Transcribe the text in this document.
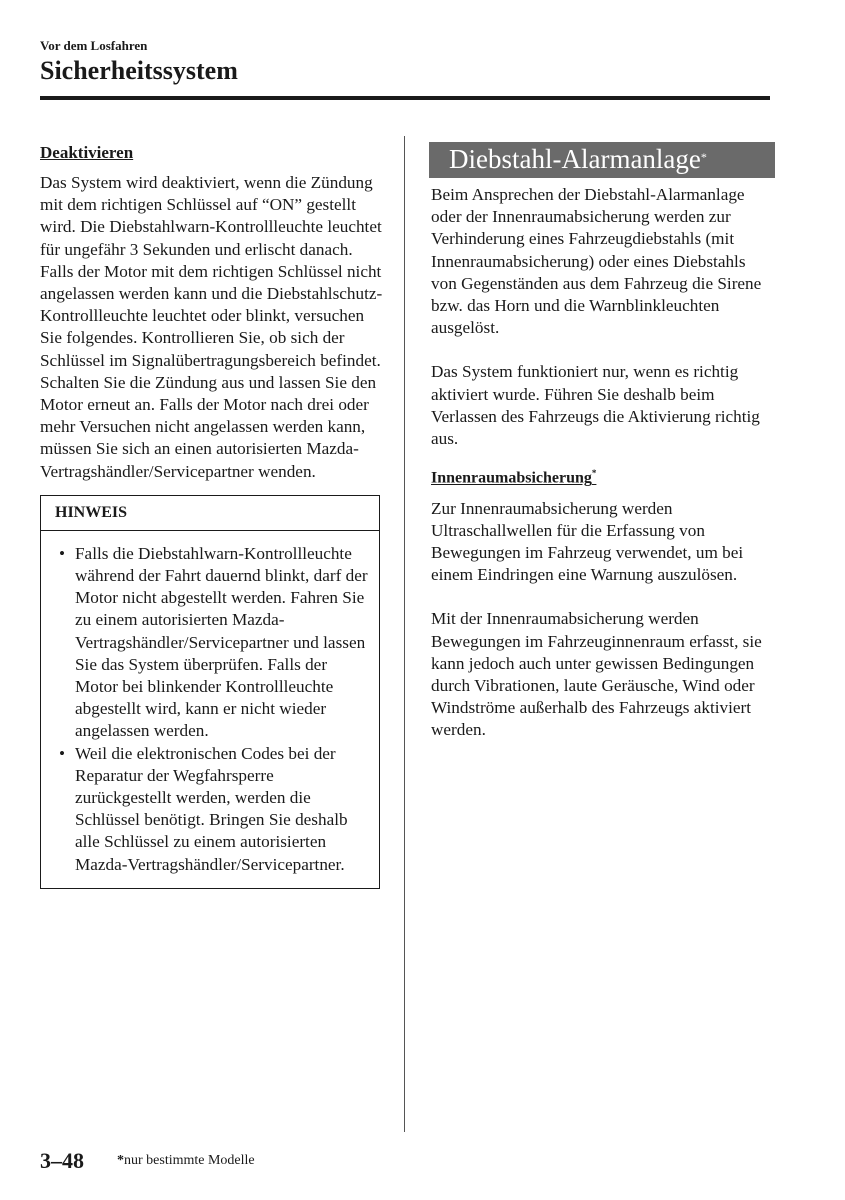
Vor dem Losfahren
Sicherheitssystem
Deaktivieren

Das System wird deaktiviert, wenn die Zündung mit dem richtigen Schlüssel auf “ON” gestellt wird. Die Diebstahlwarn-Kontrollleuchte leuchtet für ungefähr 3 Sekunden und erlischt danach. Falls der Motor mit dem richtigen Schlüssel nicht angelassen werden kann und die Diebstahlschutz-Kontrollleuchte leuchtet oder blinkt, versuchen Sie folgendes. Kontrollieren Sie, ob sich der Schlüssel im Signalübertragungsbereich befindet. Schalten Sie die Zündung aus und lassen Sie den Motor erneut an. Falls der Motor nach drei oder mehr Versuchen nicht angelassen werden kann, müssen Sie sich an einen autorisierten Mazda-Vertragshändler/Servicepartner wenden.

HINWEIS
• Falls die Diebstahlwarn-Kontrollleuchte während der Fahrt dauernd blinkt, darf der Motor nicht abgestellt werden. Fahren Sie zu einem autorisierten Mazda-Vertragshändler/Servicepartner und lassen Sie das System überprüfen. Falls der Motor bei blinkender Kontrollleuchte abgestellt wird, kann er nicht wieder angelassen werden.
• Weil die elektronischen Codes bei der Reparatur der Wegfahrsperre zurückgestellt werden, werden die Schlüssel benötigt. Bringen Sie deshalb alle Schlüssel zu einem autorisierten Mazda-Vertragshändler/Servicepartner.
Diebstahl-Alarmanlage*

Beim Ansprechen der Diebstahl-Alarmanlage oder der Innenraumabsicherung werden zur Verhinderung eines Fahrzeugdiebstahls (mit Innenraumabsicherung) oder eines Diebstahls von Gegenständen aus dem Fahrzeug die Sirene bzw. das Horn und die Warnblinkleuchten ausgelöst.

Das System funktioniert nur, wenn es richtig aktiviert wurde. Führen Sie deshalb beim Verlassen des Fahrzeugs die Aktivierung richtig aus.

Innenraumabsicherung*

Zur Innenraumabsicherung werden Ultraschallwellen für die Erfassung von Bewegungen im Fahrzeug verwendet, um bei einem Eindringen eine Warnung auszulösen.

Mit der Innenraumabsicherung werden Bewegungen im Fahrzeuginnenraum erfasst, sie kann jedoch auch unter gewissen Bedingungen durch Vibrationen, laute Geräusche, Wind oder Windströme außerhalb des Fahrzeugs aktiviert werden.

3–48 *nur bestimmte Modelle
